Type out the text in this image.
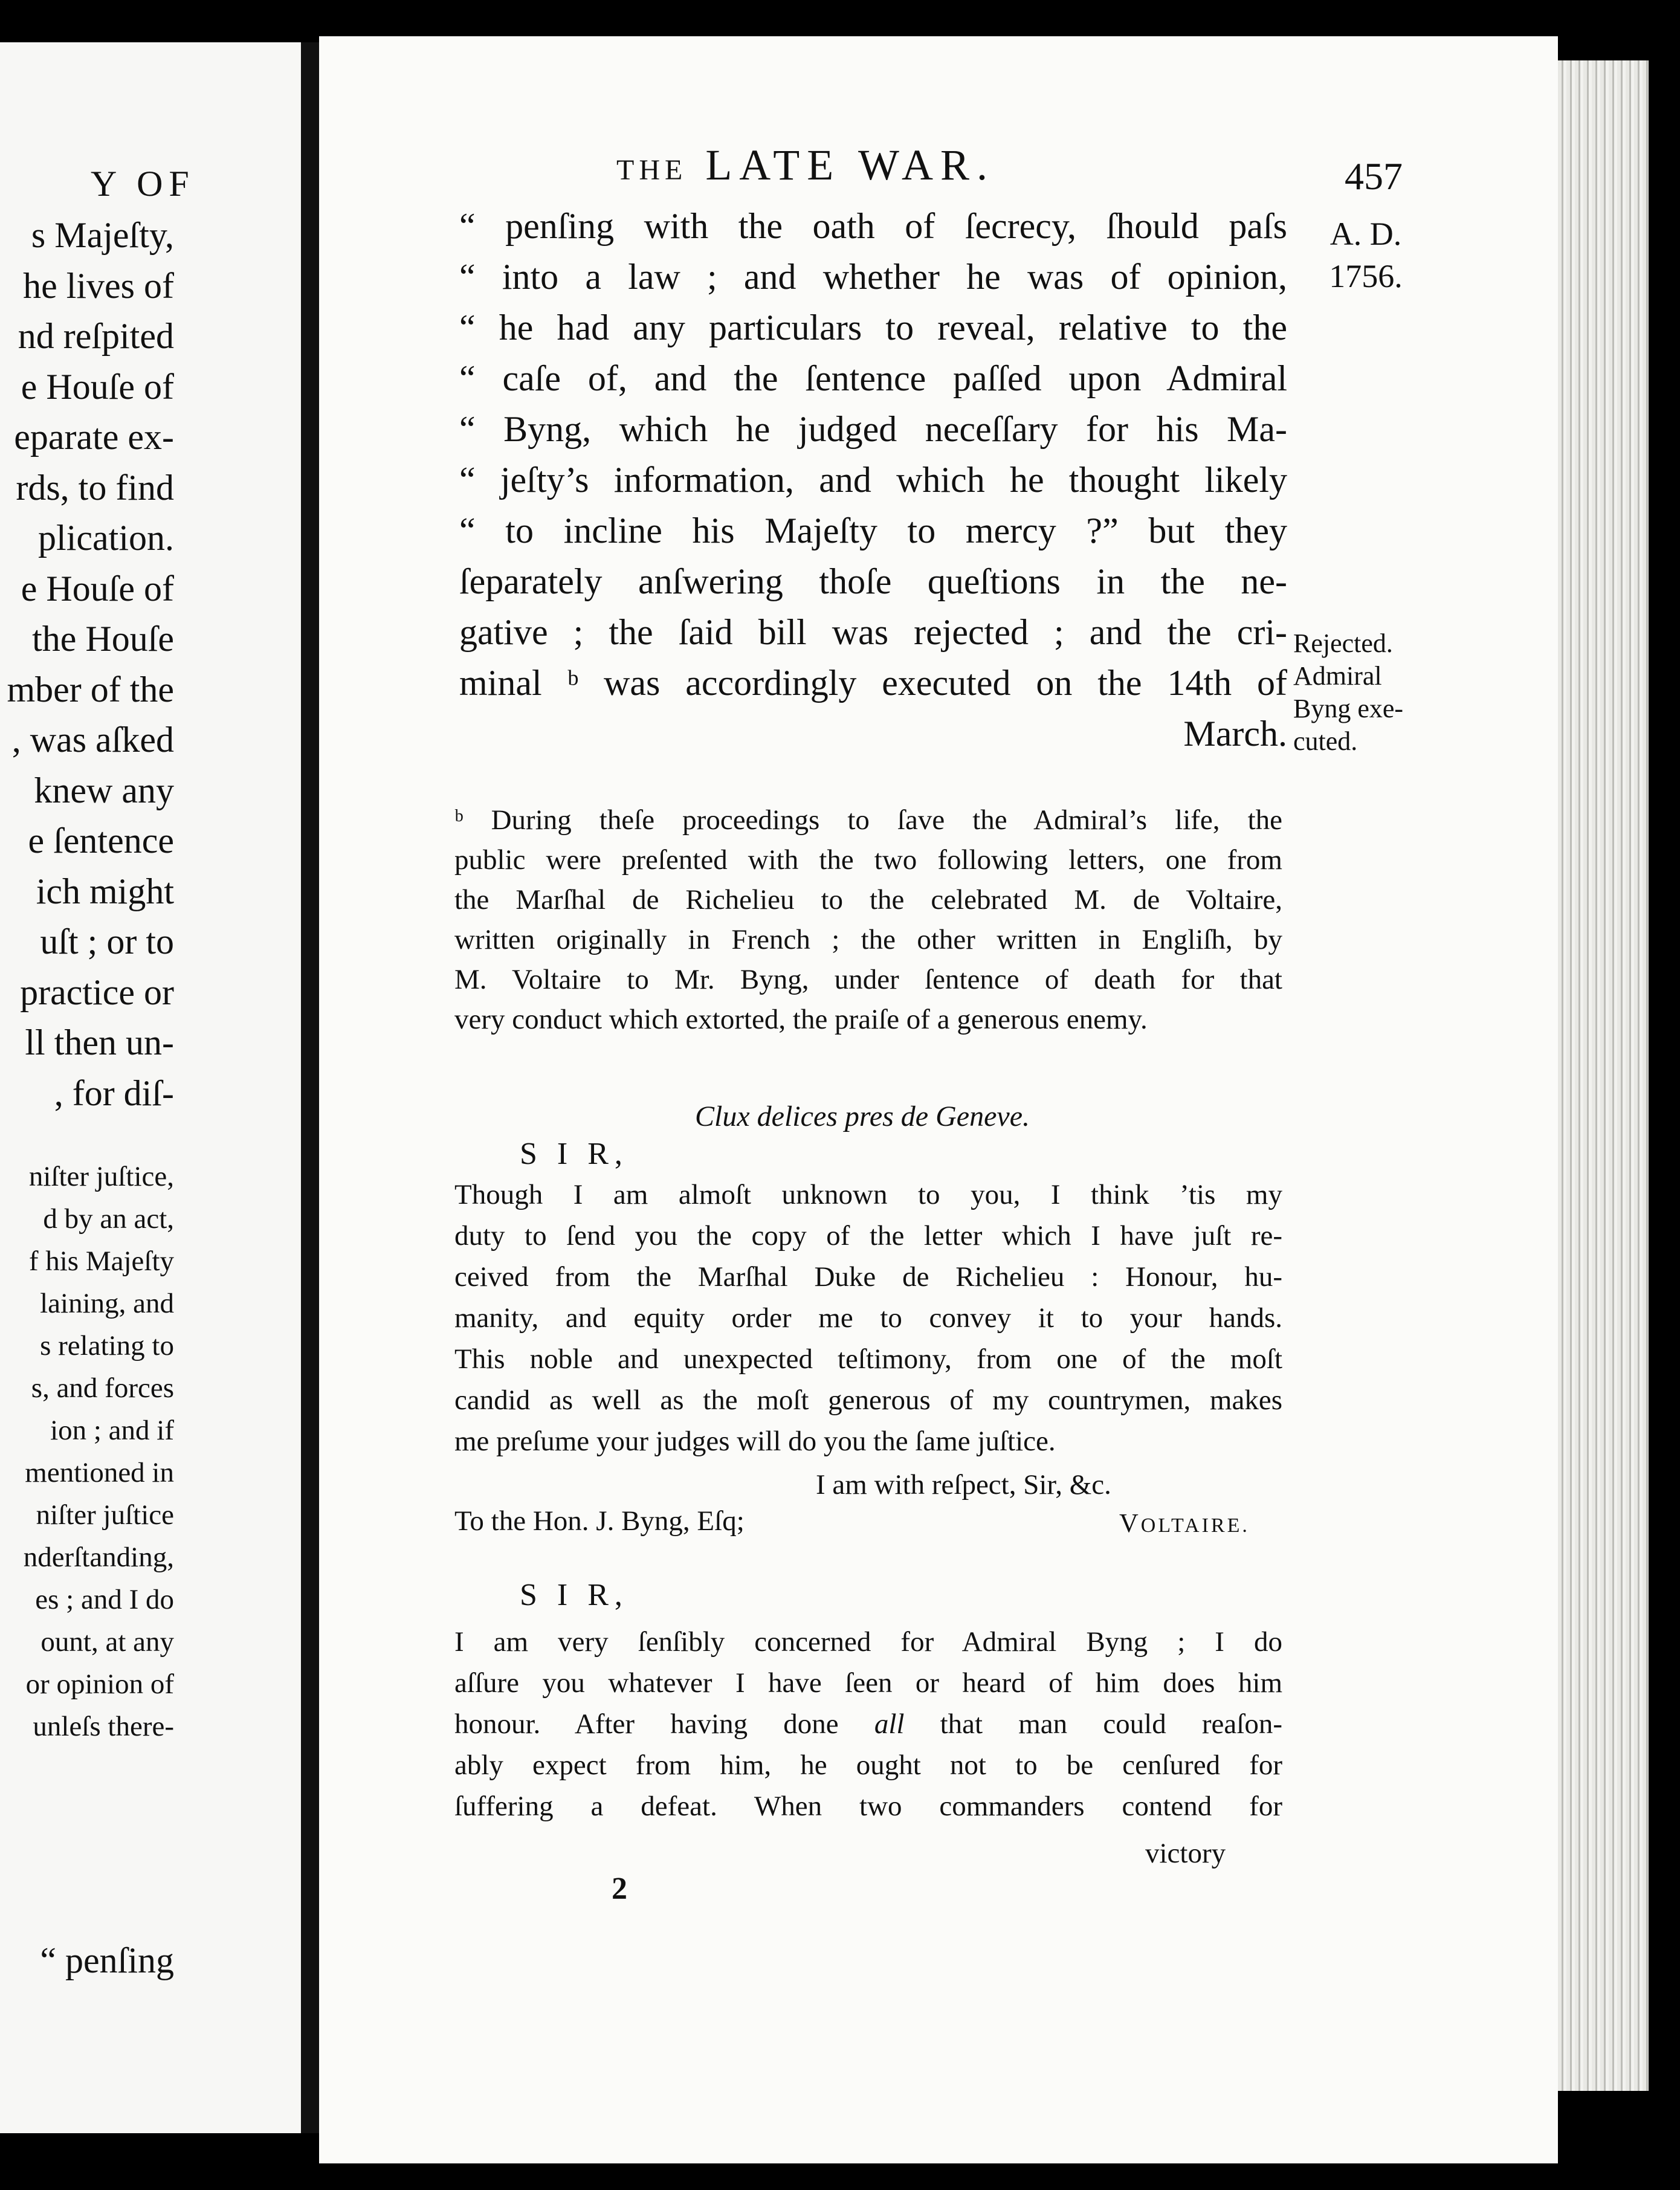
Y OF
s Majeſty,
he lives of
nd reſpited
e Houſe of
eparate ex-
rds, to find
plication.
e Houſe of
the Houſe
mber of the
, was aſked
knew any
e ſentence
ich might
uſt ; or to
practice or
ll then un-
, for diſ-
niſter juſtice,
d by an act,
f his Majeſty
laining, and
s relating to
s, and forces
ion ; and if
mentioned in
niſter juſtice
nderſtanding,
es ; and I do
ount, at any
or opinion of
unleſs there-
“ penſing
THE LATE WAR.	457
A. D.
1756.
“ penſing with the oath of ſecrecy, ſhould paſs
“ into a law ; and whether he was of opinion,
“ he had any particulars to reveal, relative to the
“ caſe of, and the ſentence paſſed upon Admiral
“ Byng, which he judged neceſſary for his Ma-
“ jeſty’s information, and which he thought likely
“ to incline his Majeſty to mercy ?” but they
ſeparately anſwering thoſe queſtions in the ne-
gative ; the ſaid bill was rejected ; and the cri-
minal ᵇ was accordingly executed on the 14th of
March.
Rejected.
Admiral
Byng exe-
cuted.
ᵇ During theſe proceedings to ſave the Admiral’s life, the
public were preſented with the two following letters, one from
the Marſhal de Richelieu to the celebrated M. de Voltaire,
written originally in French ; the other written in Engliſh, by
M. Voltaire to Mr. Byng, under ſentence of death for that
very conduct which extorted, the praiſe of a generous enemy.
Clux delices pres de Geneve.
S I R,
Though I am almoſt unknown to you, I think ’tis my
duty to ſend you the copy of the letter which I have juſt re-
ceived from the Marſhal Duke de Richelieu : Honour, hu-
manity, and equity order me to convey it to your hands.
This noble and unexpected teſtimony, from one of the moſt
candid as well as the moſt generous of my countrymen, makes
me preſume your judges will do you the ſame juſtice.
I am with reſpect, Sir, &c.
To the Hon. J. Byng, Eſq;	VOLTAIRE.
S I R,
I am very ſenſibly concerned for Admiral Byng ; I do
aſſure you whatever I have ſeen or heard of him does him
honour. After having done all that man could reaſon-
ably expect from him, he ought not to be cenſured for
ſuffering a defeat. When two commanders contend for
victory
2
